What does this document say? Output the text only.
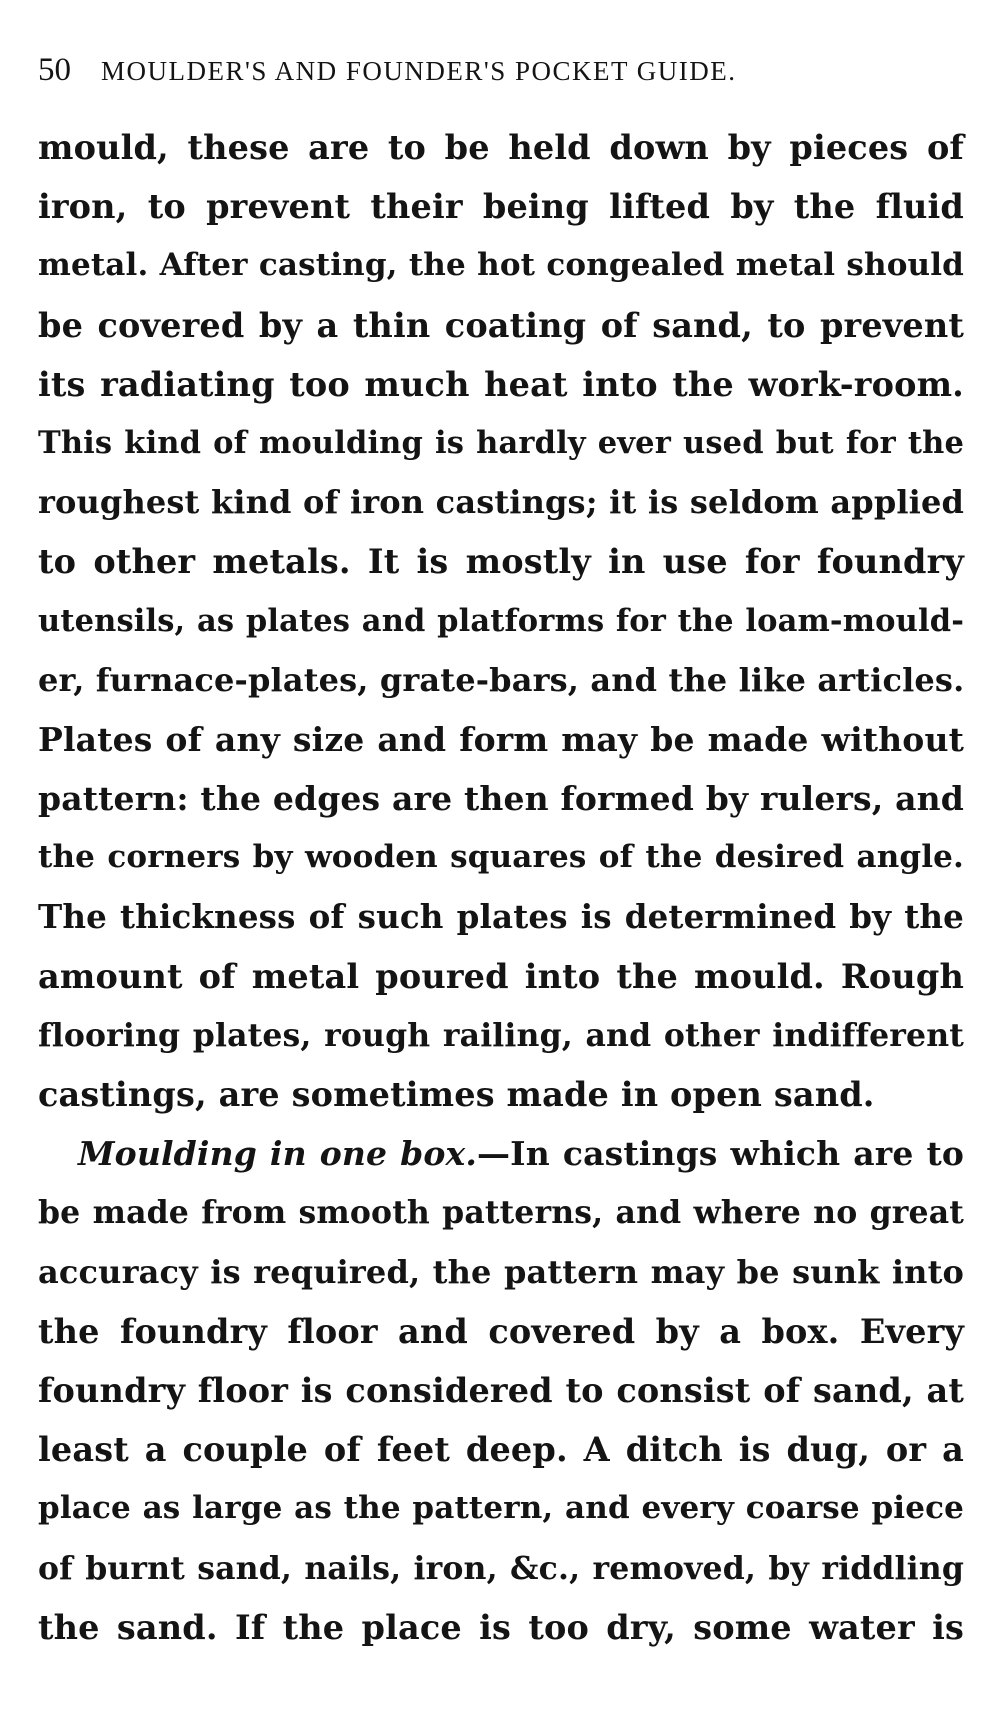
50 MOULDER'S AND FOUNDER'S POCKET GUIDE.
mould, these are to be held down by pieces of
iron, to prevent their being lifted by the fluid
metal. After casting, the hot congealed metal should
be covered by a thin coating of sand, to prevent
its radiating too much heat into the work-room.
This kind of moulding is hardly ever used but for the
roughest kind of iron castings; it is seldom applied
to other metals. It is mostly in use for foundry
utensils, as plates and platforms for the loam-mould-
er, furnace-plates, grate-bars, and the like articles.
Plates of any size and form may be made without
pattern: the edges are then formed by rulers, and
the corners by wooden squares of the desired angle.
The thickness of such plates is determined by the
amount of metal poured into the mould. Rough
flooring plates, rough railing, and other indifferent
castings, are sometimes made in open sand.
Moulding in one box.—In castings which are to
be made from smooth patterns, and where no great
accuracy is required, the pattern may be sunk into
the foundry floor and covered by a box. Every
foundry floor is considered to consist of sand, at
least a couple of feet deep. A ditch is dug, or a
place as large as the pattern, and every coarse piece
of burnt sand, nails, iron, &c., removed, by riddling
the sand. If the place is too dry, some water is
